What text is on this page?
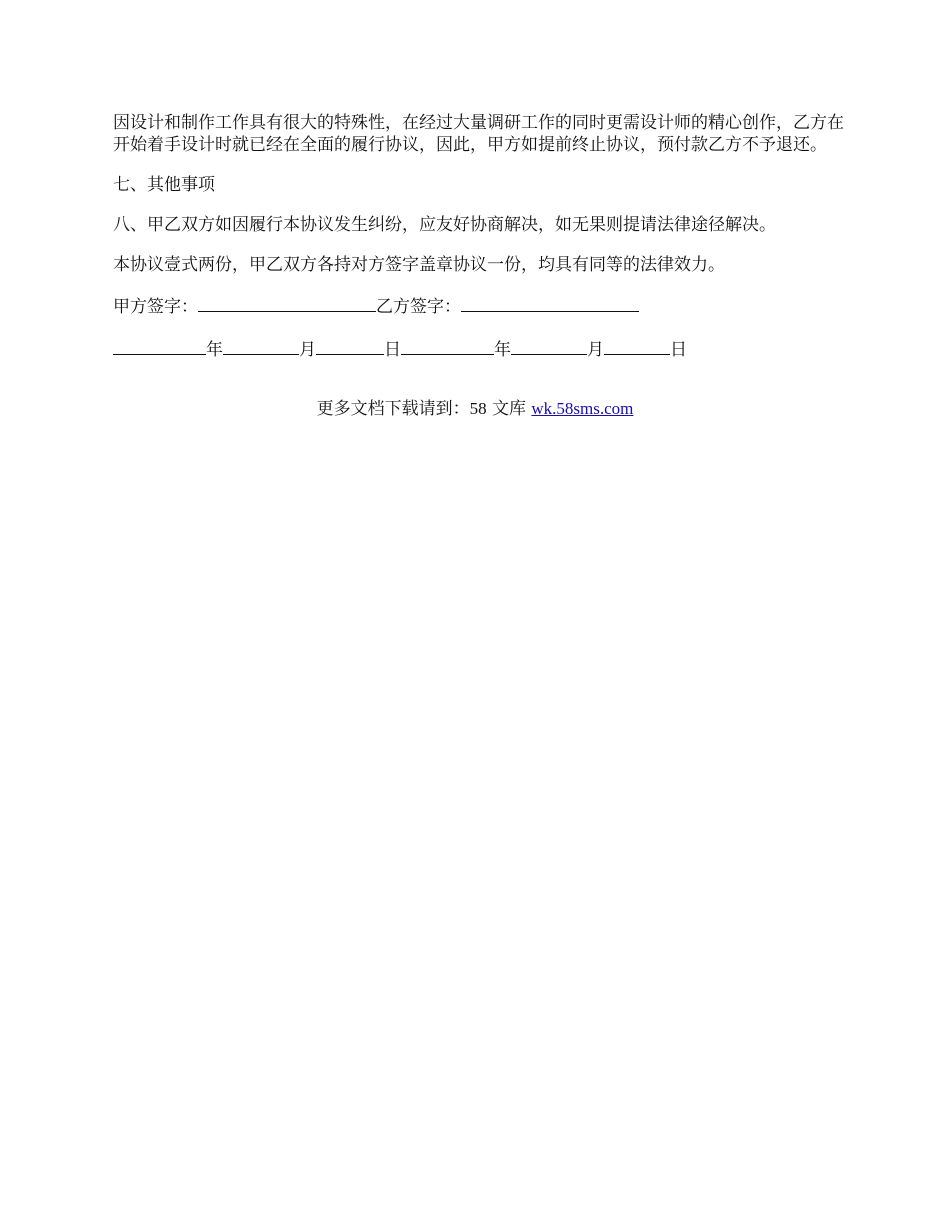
因设计和制作工作具有很大的特殊性，在经过大量调研工作的同时更需设计师的精心创作，乙方在开始着手设计时就已经在全面的履行协议，因此，甲方如提前终止协议，预付款乙方不予退还。

七、其他事项

八、甲乙双方如因履行本协议发生纠纷，应友好协商解决，如无果则提请法律途径解决。

本协议壹式两份，甲乙双方各持对方签字盖章协议一份，均具有同等的法律效力。

甲方签字：	乙方签字：

年	月	日	年	月	日

更多文档下载请到：58 文库 wk.58sms.com
